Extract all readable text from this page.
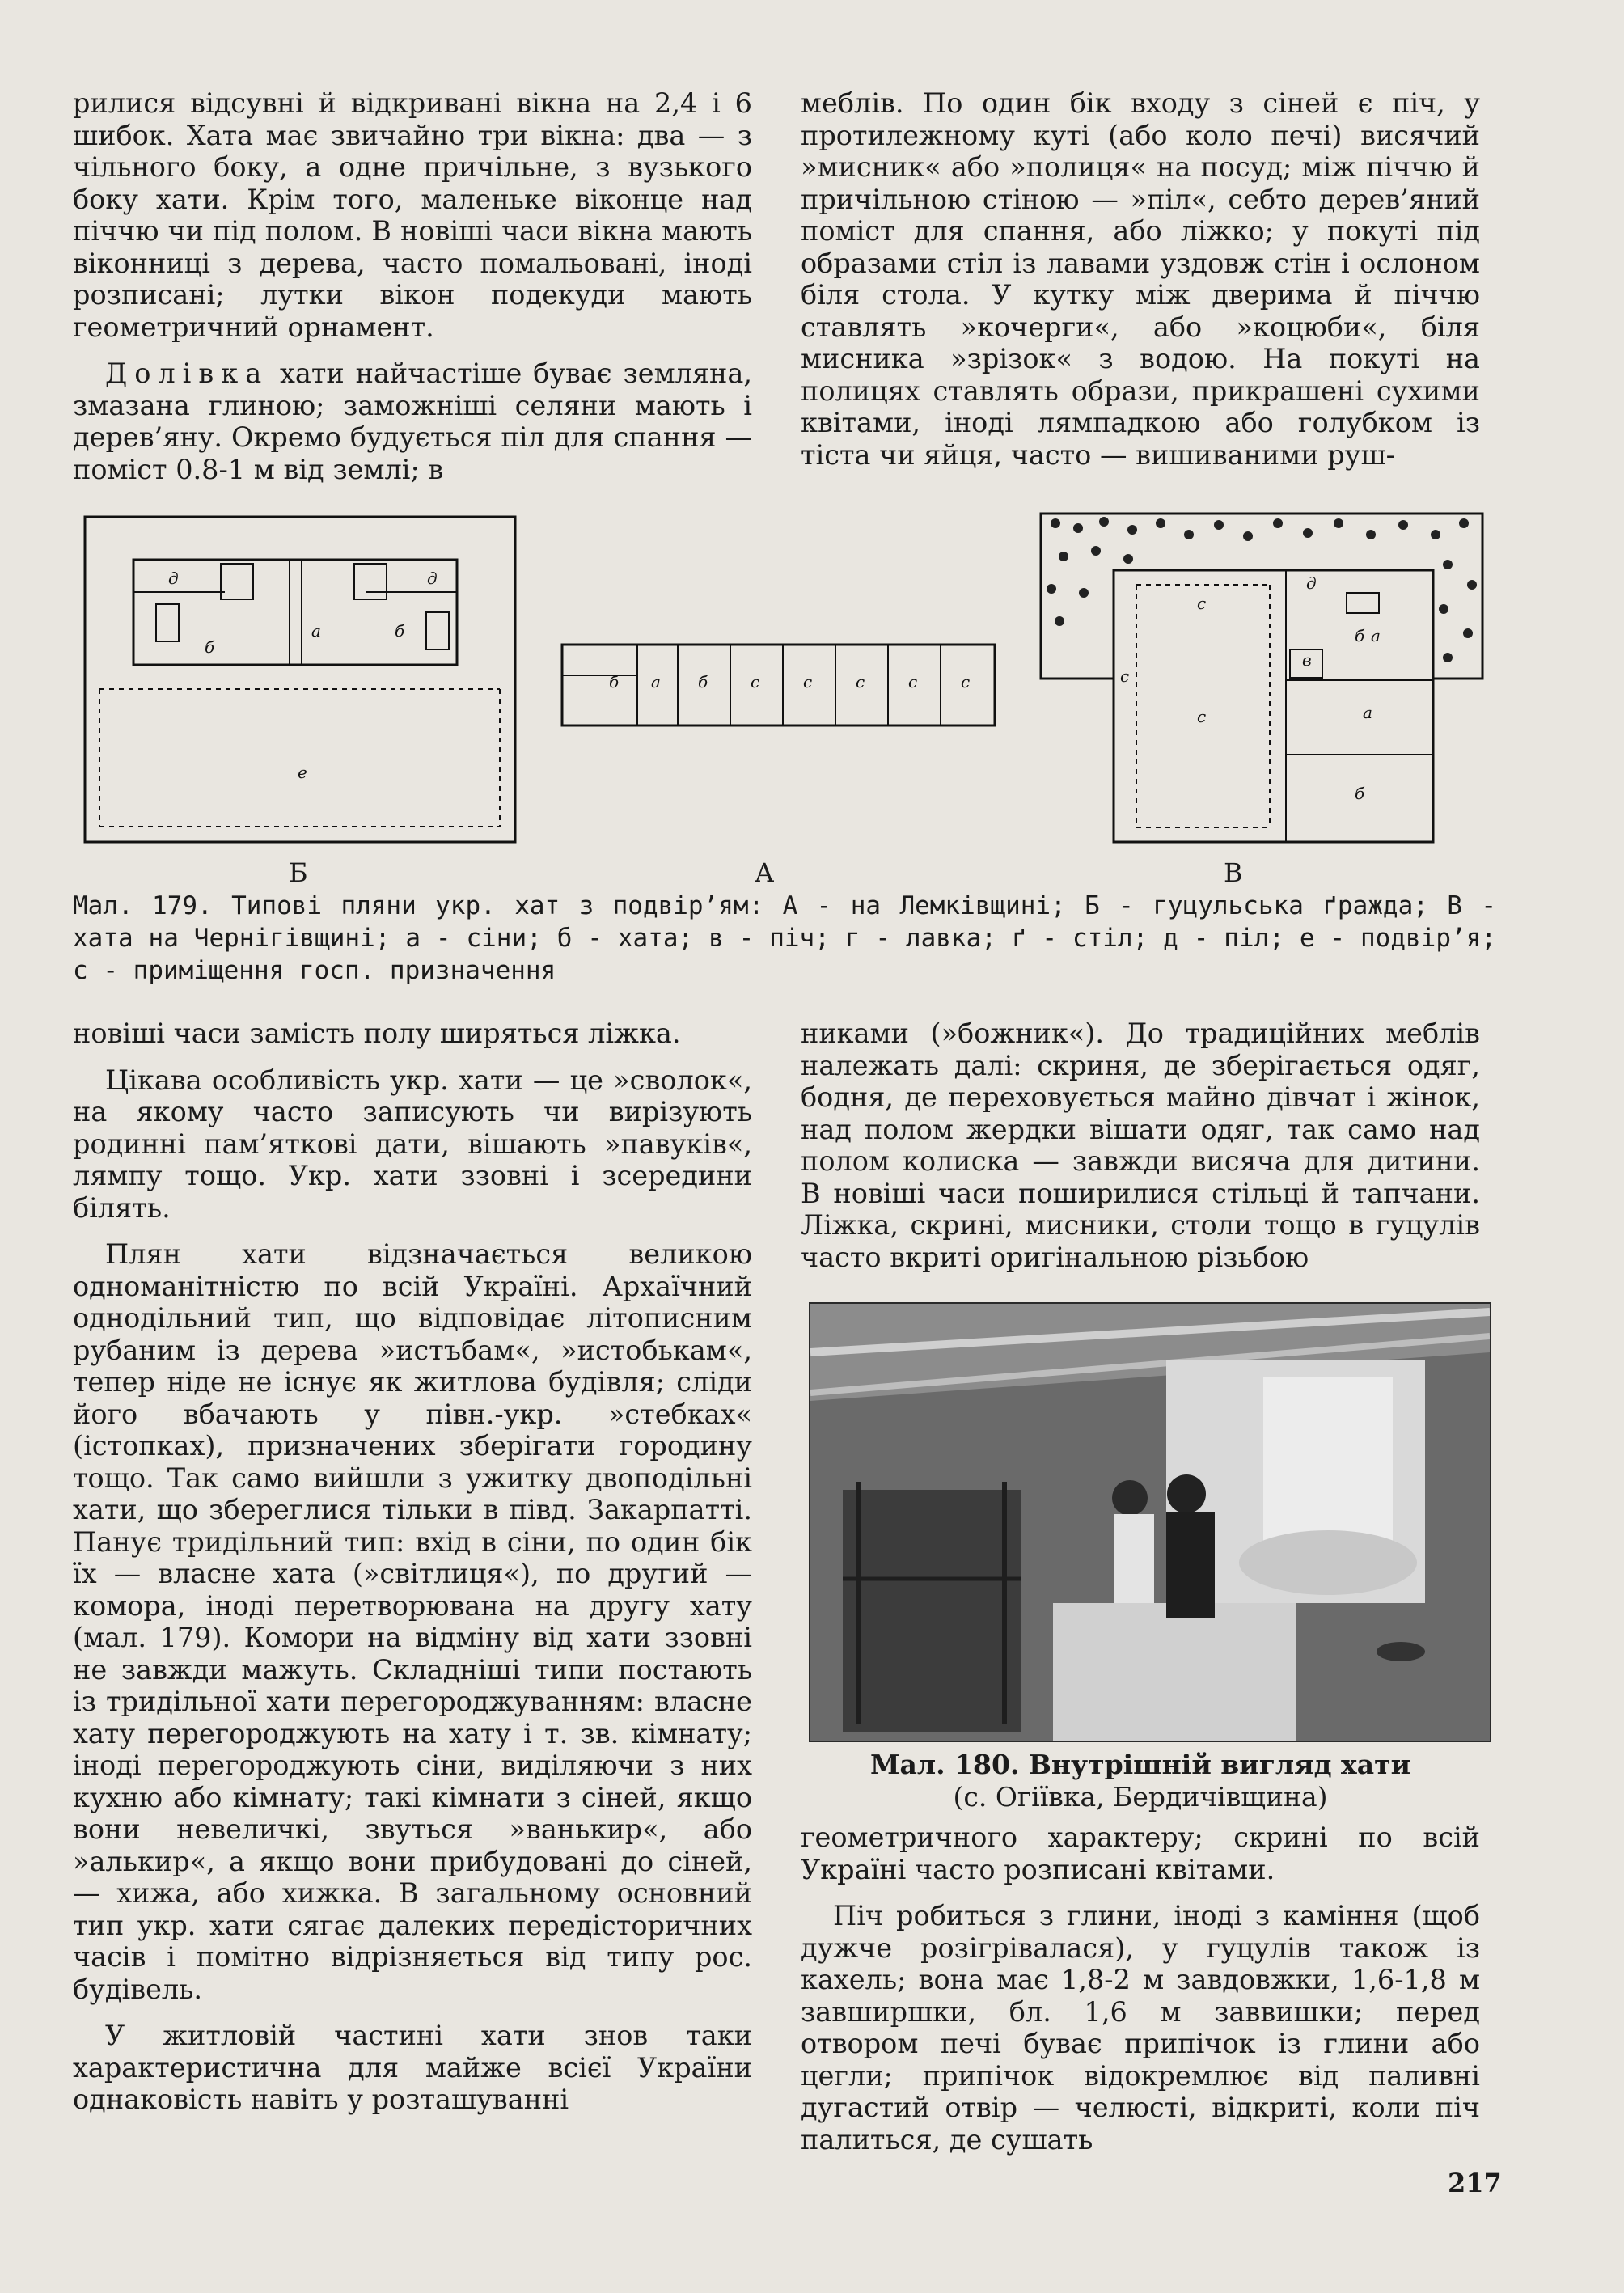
рилися відсувні й відкривані вікна на 2,4 і 6 шибок. Хата має звичайно три вікна: два — з чільного боку, а одне причільне, з вузького боку хати. Крім того, маленьке віконце над піччю чи під полом. В новіші часи вікна мають віконниці з дерева, часто помальовані, іноді розписані; лутки вікон подекуди мають геометричний орнамент.

Долівка хати найчастіше буває земляна, змазана глиною; заможніші селяни мають і дерев’яну. Окремо будується піл для спання — поміст 0.8-1 м від землі; в

меблів. По один бік входу з сіней є піч, у протилежному куті (або коло печі) висячий »мисник« або »полиця« на посуд; між піччю й причільною стіною — »піл«, себто дерев’яний поміст для спання, або ліжко; у покуті під образами стіл із лавами уздовж стін і ослоном біля стола. У кутку між дверима й піччю ставлять »кочерги«, або »коцюби«, біля мисника »зрізок« з водою. На покуті на полицях ставлять образи, прикрашені сухими квітами, іноді лямпадкою або голубком із тіста чи яйця, часто — вишиваними руш-

д
б
а	б
д
е
б а б	с	с	с	с	с
с
с
с
д
б а
в
а
б
Б	А	В
Мал. 179. Типові пляни укр. хат з подвір’ям: А - на Лемківщині; Б - гуцульська ґражда; В - хата на Чернігівщині; а - сіни; б - хата; в - піч; г - лавка; ґ - стіл; д - піл; е - подвір’я; с - приміщення госп. призначення

новіші часи замість полу ширяться ліжка.

Цікава особливість укр. хати — це »сволок«, на якому часто записують чи вирізують родинні пам’яткові дати, вішають »павуків«, лямпу тощо. Укр. хати ззовні і зсередини білять.

Плян хати відзначається великою одноманітністю по всій Україні. Архаїчний однодільний тип, що відповідає літописним рубаним із дерева »истъбам«, »истобькам«, тепер ніде не існує як житлова будівля; сліди його вбачають у півн.-укр. »стебках« (істопках), призначених зберігати городину тощо. Так само вийшли з ужитку двоподільні хати, що збереглися тільки в півд. Закарпатті. Панує тридільний тип: вхід в сіни, по один бік їх — власне хата (»світлиця«), по другий — комора, іноді перетворювана на другу хату (мал. 179). Комори на відміну від хати ззовні не завжди мажуть. Складніші типи постають із тридільної хати перегороджуванням: власне хату перегороджують на хату і т. зв. кімнату; іноді перегороджують сіни, виділяючи з них кухню або кімнату; такі кімнати з сіней, якщо вони невеличкі, звуться »ванькир«, або »алькир«, а якщо вони прибудовані до сіней, — хижа, або хижка. В загальному основний тип укр. хати сягає далеких передісторичних часів і помітно відрізняється від типу рос. будівель.

У житловій частині хати знов таки характеристична для майже всієї України однаковість навіть у розташуванні

никами (»божник«). До традиційних меблів належать далі: скриня, де зберігається одяг, бодня, де переховується майно дівчат і жінок, над полом жердки вішати одяг, так само над полом колиска — завжди висяча для дитини. В новіші часи поширилися стільці й тапчани. Ліжка, скрині, мисники, столи тощо в гуцулів часто вкриті оригінальною різьбою

Мал. 180. Внутрішній вигляд хати
(с. Огіївка, Бердичівщина)

геометричного характеру; скрині по всій Україні часто розписані квітами.

Піч робиться з глини, іноді з каміння (щоб дужче розігрівалася), у гуцулів також із кахель; вона має 1,8-2 м завдовжки, 1,6-1,8 м завширшки, бл. 1,6 м заввишки; перед отвором печі буває припічок із глини або цегли; припічок відокремлює від паливні дугастий отвір — челюсті, відкриті, коли піч палиться, де сушать

217
